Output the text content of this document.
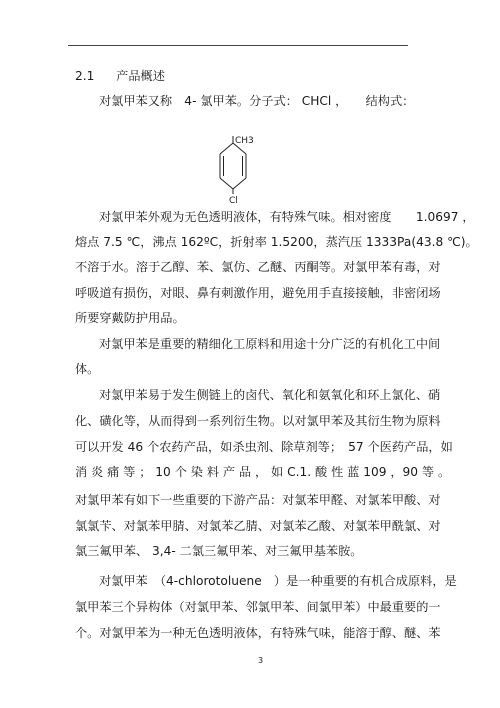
2.1 产品概述
对氯甲苯又称　4- 氯甲苯。分子式： CHCl ，　　结构式：
CH3
Cl
对氯甲苯外观为无色透明液体，有特殊气味。相对密度　　1.0697 ，
熔点 7.5 ℃，沸点 162ºC，折射率 1.5200，蒸汽压 1333Pa(43.8 ℃)。
不溶于水。溶于乙醇、苯、氯仿、乙醚、丙酮等。对氯甲苯有毒，对
呼吸道有损伤，对眼、鼻有刺激作用，避免用手直接接触，非密闭场
所要穿戴防护用品。
对氯甲苯是重要的精细化工原料和用途十分广泛的有机化工中间
体。
对氯甲苯易于发生侧链上的卤代、氧化和氨氧化和环上氯化、硝
化、磺化等，从而得到一系列衍生物。以对氯甲苯及其衍生物为原料
可以开发 46 个农药产品，如杀虫剂、除草剂等；　57 个医药产品，如
消 炎 痛 等 ； 10 个 染 料 产 品 ， 如 C.1. 酸 性 蓝 109 ，90 等 。
对氯甲苯有如下一些重要的下游产品：对氯苯甲醛、对氯苯甲酸、对
氯氯苄、对氯苯甲腈、对氯苯乙腈、对氯苯乙酸、对氯苯甲酰氯、对
氯三氟甲苯、 3,4- 二氯三氟甲苯、对三氟甲基苯胺。
对氯甲苯　（4-chlorotoluene　）是一种重要的有机合成原料，是
氯甲苯三个异构体（对氯甲苯、邻氯甲苯、间氯甲苯）中最重要的一
个。对氯甲苯为一种无色透明液体，有特殊气味，能溶于醇、醚、苯
3
